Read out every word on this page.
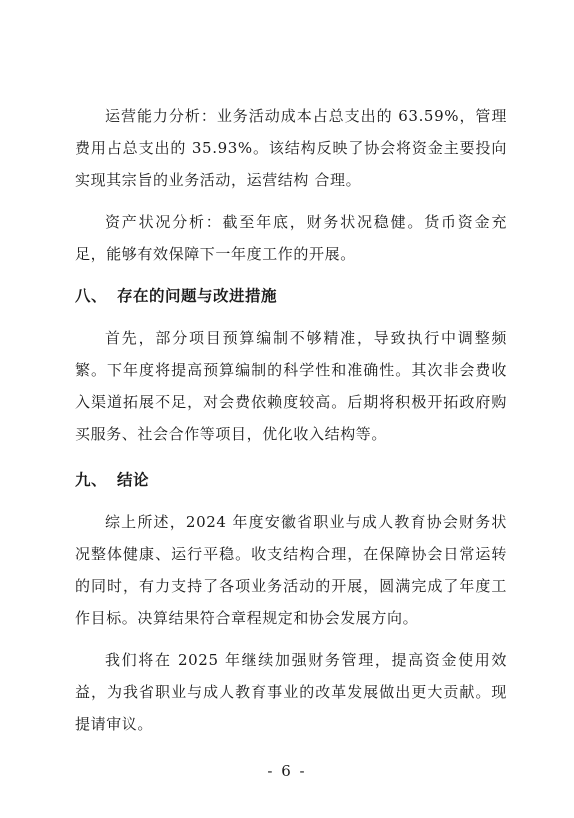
运营能力分析：业务活动成本占总支出的 63.59%，管理费用占总支出的 35.93%。该结构反映了协会将资金主要投向实现其宗旨的业务活动，运营结构 合理。

资产状况分析：截至年底，财务状况稳健。货币资金充足，能够有效保障下一年度工作的开展。

八、 存在的问题与改进措施

首先，部分项目预算编制不够精准，导致执行中调整频繁。下年度将提高预算编制的科学性和准确性。其次非会费收入渠道拓展不足，对会费依赖度较高。后期将积极开拓政府购买服务、社会合作等项目，优化收入结构等。

九、 结论

综上所述，2024 年度安徽省职业与成人教育协会财务状况整体健康、运行平稳。收支结构合理，在保障协会日常运转的同时，有力支持了各项业务活动的开展，圆满完成了年度工作目标。决算结果符合章程规定和协会发展方向。

我们将在 2025 年继续加强财务管理，提高资金使用效益，为我省职业与成人教育事业的改革发展做出更大贡献。现提请审议。

- 6 -
